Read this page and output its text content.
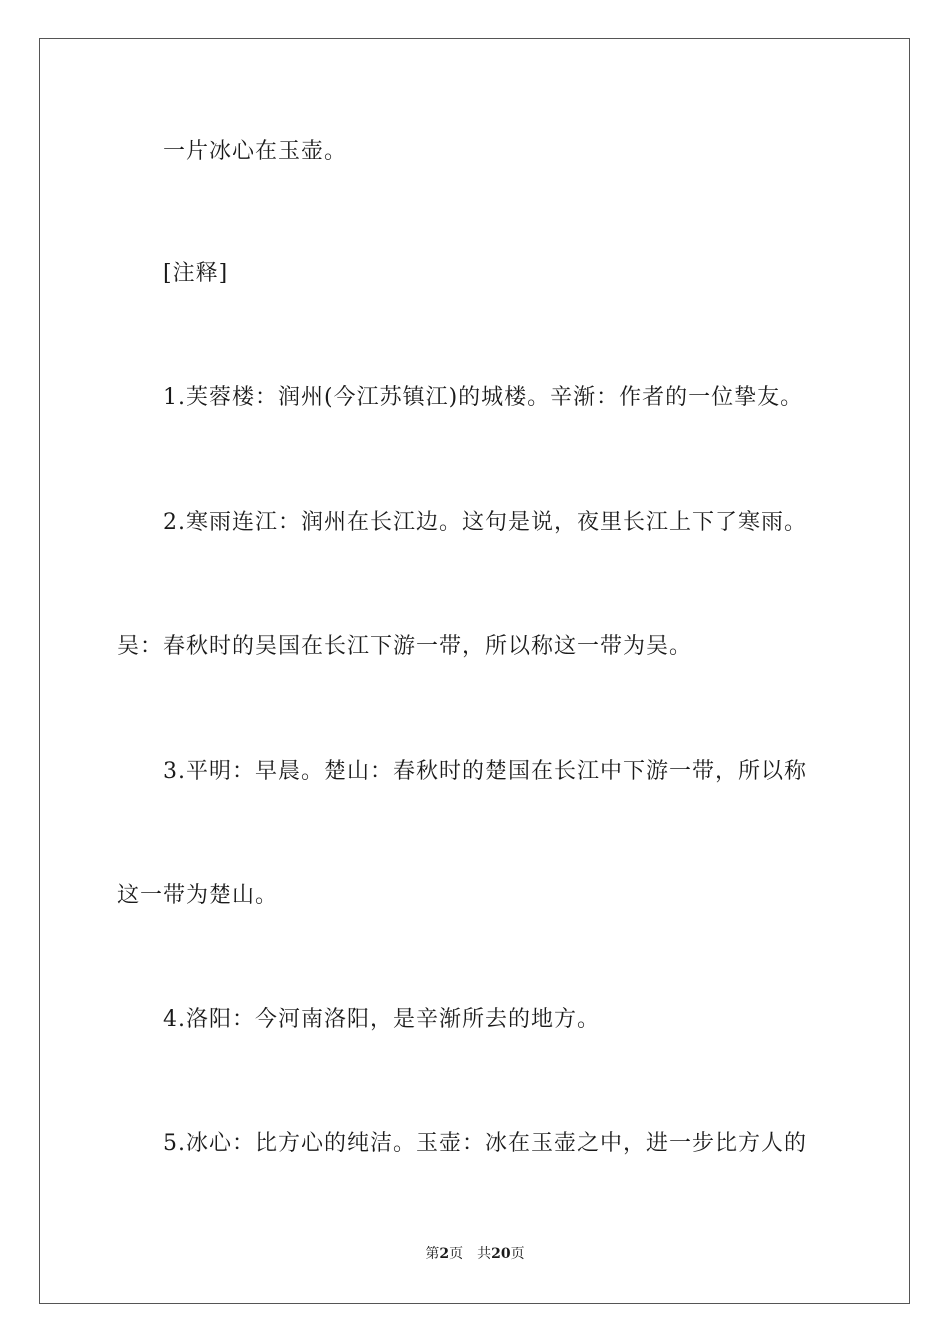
一片冰心在玉壶。
[注释]
1.芙蓉楼：润州(今江苏镇江)的城楼。辛渐：作者的一位挚友。
2.寒雨连江：润州在长江边。这句是说，夜里长江上下了寒雨。
吴：春秋时的吴国在长江下游一带，所以称这一带为吴。
3.平明：早晨。楚山：春秋时的楚国在长江中下游一带，所以称
这一带为楚山。
4.洛阳：今河南洛阳，是辛渐所去的地方。
5.冰心：比方心的纯洁。玉壶：冰在玉壶之中，进一步比方人的
第2页 共20页
